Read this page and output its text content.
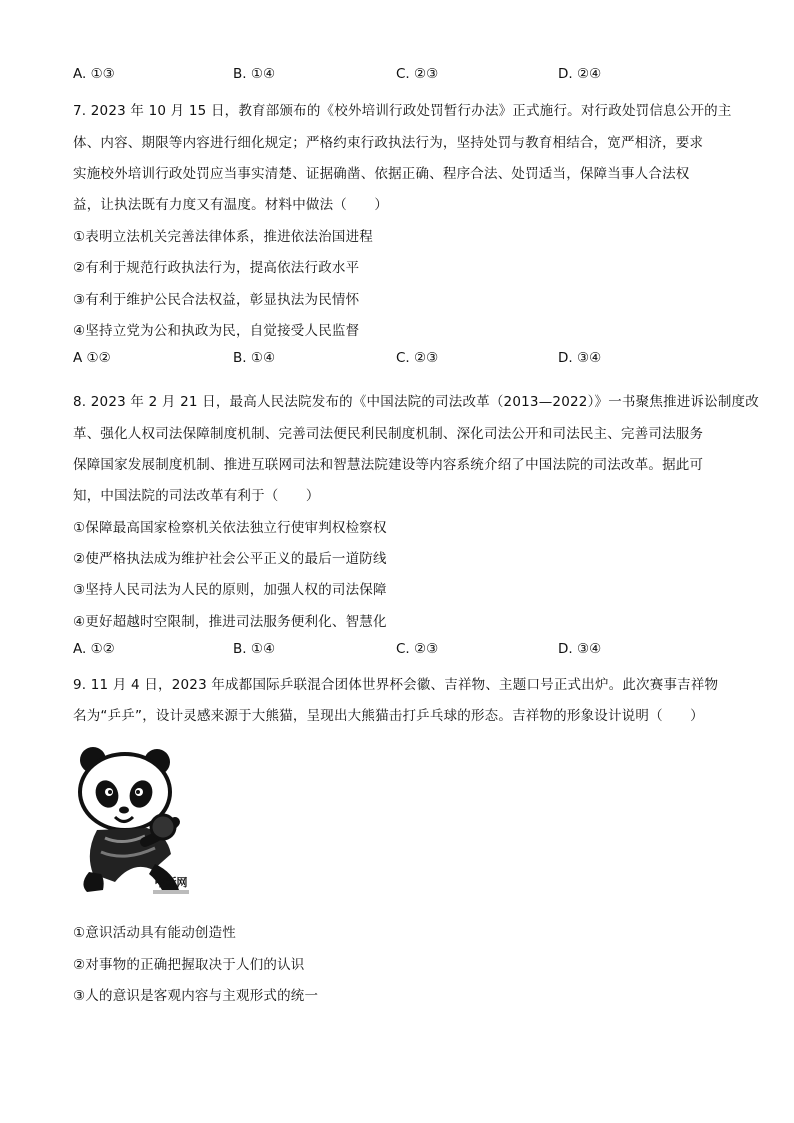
A. ①③	B. ①④	C. ②③	D. ②④
7. 2023 年 10 月 15 日，教育部颁布的《校外培训行政处罚暂行办法》正式施行。对行政处罚信息公开的主
体、内容、期限等内容进行细化规定；严格约束行政执法行为，坚持处罚与教育相结合，宽严相济，要求
实施校外培训行政处罚应当事实清楚、证据确凿、依据正确、程序合法、处罚适当，保障当事人合法权
益，让执法既有力度又有温度。材料中做法（　　）
①表明立法机关完善法律体系，推进依法治国进程
②有利于规范行政执法行为，提高依法行政水平
③有利于维护公民合法权益，彰显执法为民情怀
④坚持立党为公和执政为民，自觉接受人民监督
A ①②	B. ①④	C. ②③	D. ③④
8. 2023 年 2 月 21 日，最高人民法院发布的《中国法院的司法改革（2013—2022）》一书聚焦推进诉讼制度改
革、强化人权司法保障制度机制、完善司法便民利民制度机制、深化司法公开和司法民主、完善司法服务
保障国家发展制度机制、推进互联网司法和智慧法院建设等内容系统介绍了中国法院的司法改革。据此可
知，中国法院的司法改革有利于（　　）
①保障最高国家检察机关依法独立行使审判权检察权
②使严格执法成为维护社会公平正义的最后一道防线
③坚持人民司法为人民的原则，加强人权的司法保障
④更好超越时空限制，推进司法服务便利化、智慧化
A. ①②	B. ①④	C. ②③	D. ③④
9. 11 月 4 日，2023 年成都国际乒联混合团体世界杯会徽、吉祥物、主题口号正式出炉。此次赛事吉祥物
名为“乒乒”，设计灵感来源于大熊猫，呈现出大熊猫击打乒乓球的形态。吉祥物的形象设计说明（　　）
中新网
①意识活动具有能动创造性
②对事物的正确把握取决于人们的认识
③人的意识是客观内容与主观形式的统一
